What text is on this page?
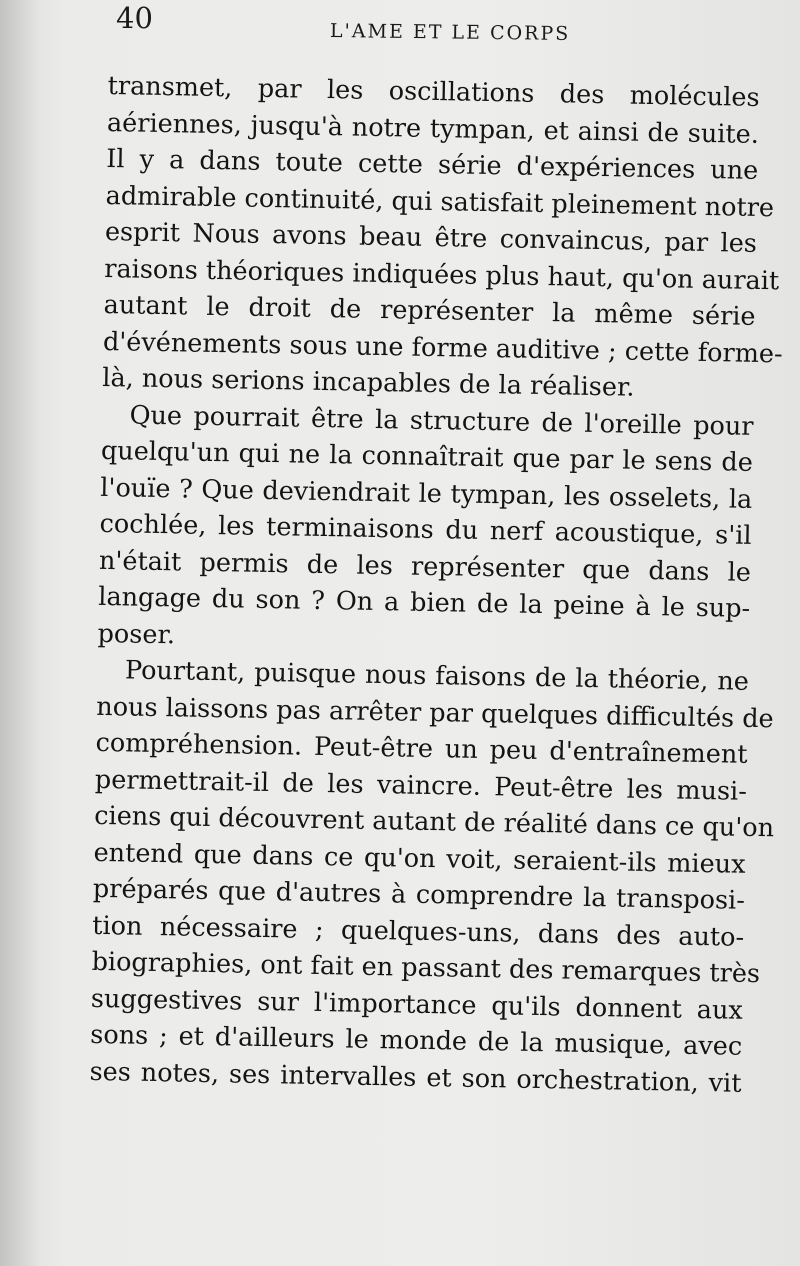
40	L'AME ET LE CORPS
transmet, par les oscillations des molécules
aériennes, jusqu'à notre tympan, et ainsi de suite.
Il y a dans toute cette série d'expériences une
admirable continuité, qui satisfait pleinement notre
esprit Nous avons beau être convaincus, par les
raisons théoriques indiquées plus haut, qu'on aurait
autant le droit de représenter la même série
d'événements sous une forme auditive ; cette forme-
là, nous serions incapables de la réaliser.
Que pourrait être la structure de l'oreille pour
quelqu'un qui ne la connaîtrait que par le sens de
l'ouïe ? Que deviendrait le tympan, les osselets, la
cochlée, les terminaisons du nerf acoustique, s'il
n'était permis de les représenter que dans le
langage du son ? On a bien de la peine à le sup-
poser.
Pourtant, puisque nous faisons de la théorie, ne
nous laissons pas arrêter par quelques difficultés de
compréhension. Peut-être un peu d'entraînement
permettrait-il de les vaincre. Peut-être les musi-
ciens qui découvrent autant de réalité dans ce qu'on
entend que dans ce qu'on voit, seraient-ils mieux
préparés que d'autres à comprendre la transposi-
tion nécessaire ; quelques-uns, dans des auto-
biographies, ont fait en passant des remarques très
suggestives sur l'importance qu'ils donnent aux
sons ; et d'ailleurs le monde de la musique, avec
ses notes, ses intervalles et son orchestration, vit
